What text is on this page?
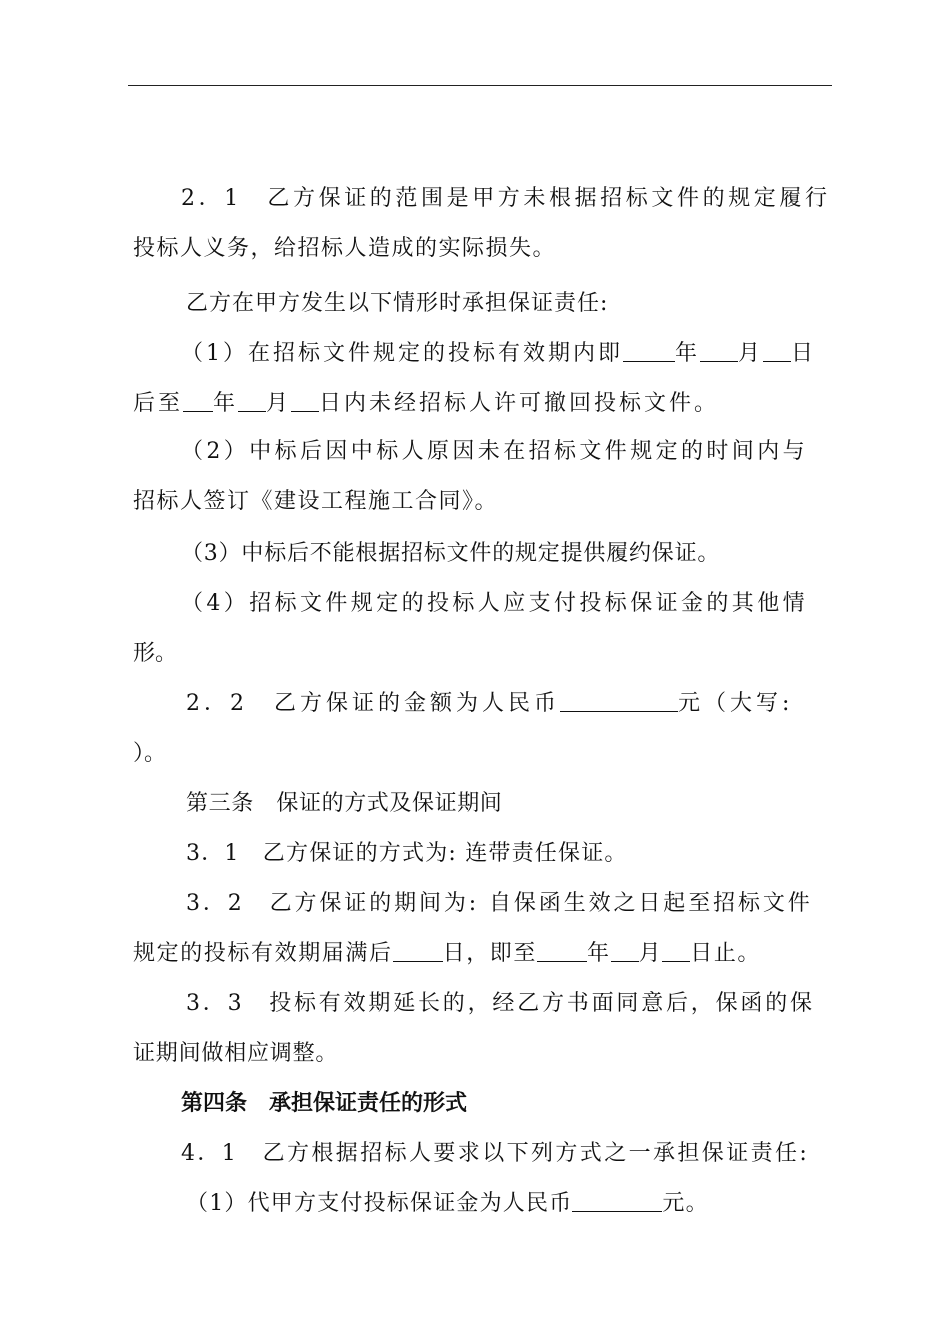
2．1　乙方保证的范围是甲方未根据招标文件的规定履行
投标人义务，给招标人造成的实际损失。
乙方在甲方发生以下情形时承担保证责任:
（1）在招标文件规定的投标有效期内即 年 月 日
后至 年 月 日内未经招标人许可撤回投标文件。
（2）中标后因中标人原因未在招标文件规定的时间内与
招标人签订《建设工程施工合同》。
（3）中标后不能根据招标文件的规定提供履约保证。
（4）招标文件规定的投标人应支付投标保证金的其他情
形。
2．2　乙方保证的金额为人民币	元（大写:
）。
第三条　保证的方式及保证期间
3．1　乙方保证的方式为: 连带责任保证。
3．2　乙方保证的期间为: 自保函生效之日起至招标文件
规定的投标有效期届满后 日，即至 年 月 日止。
3．3　投标有效期延长的，经乙方书面同意后，保函的保
证期间做相应调整。
第四条　承担保证责任的形式
4．1　乙方根据招标人要求以下列方式之一承担保证责任:
（1）代甲方支付投标保证金为人民币	元。
